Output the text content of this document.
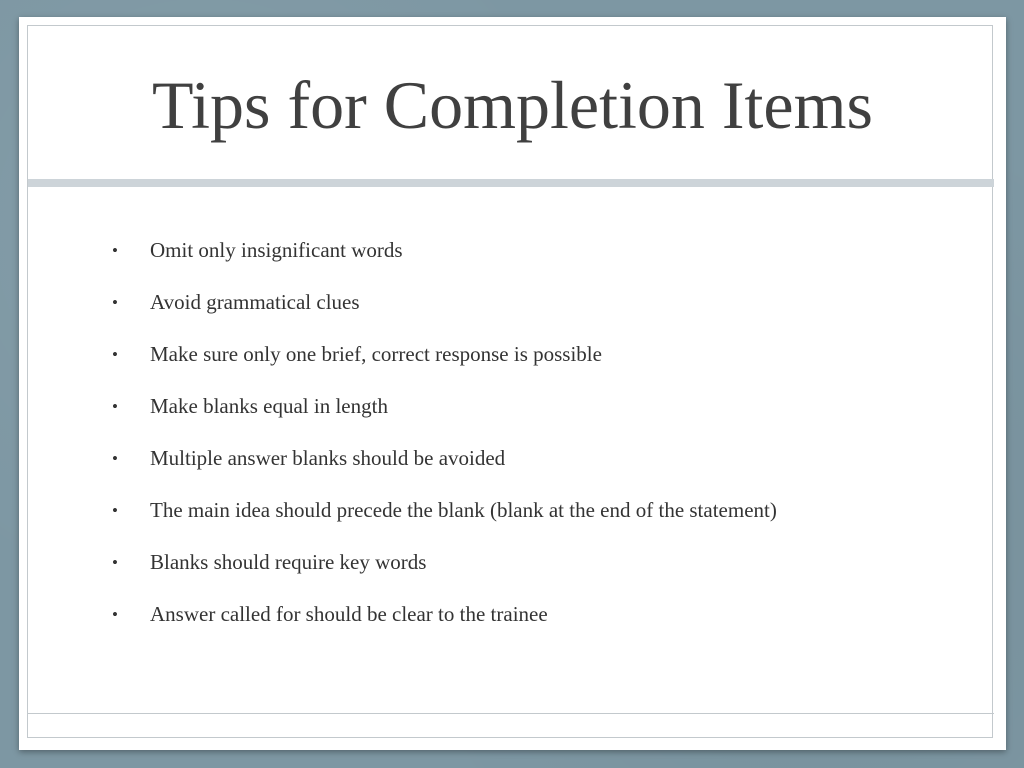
Tips for Completion Items
• Omit only insignificant words
• Avoid grammatical clues
• Make sure only one brief, correct response is possible
• Make blanks equal in length
• Multiple answer blanks should be avoided
• The main idea should precede the blank (blank at the end of the statement)
• Blanks should require key words
• Answer called for should be clear to the trainee
